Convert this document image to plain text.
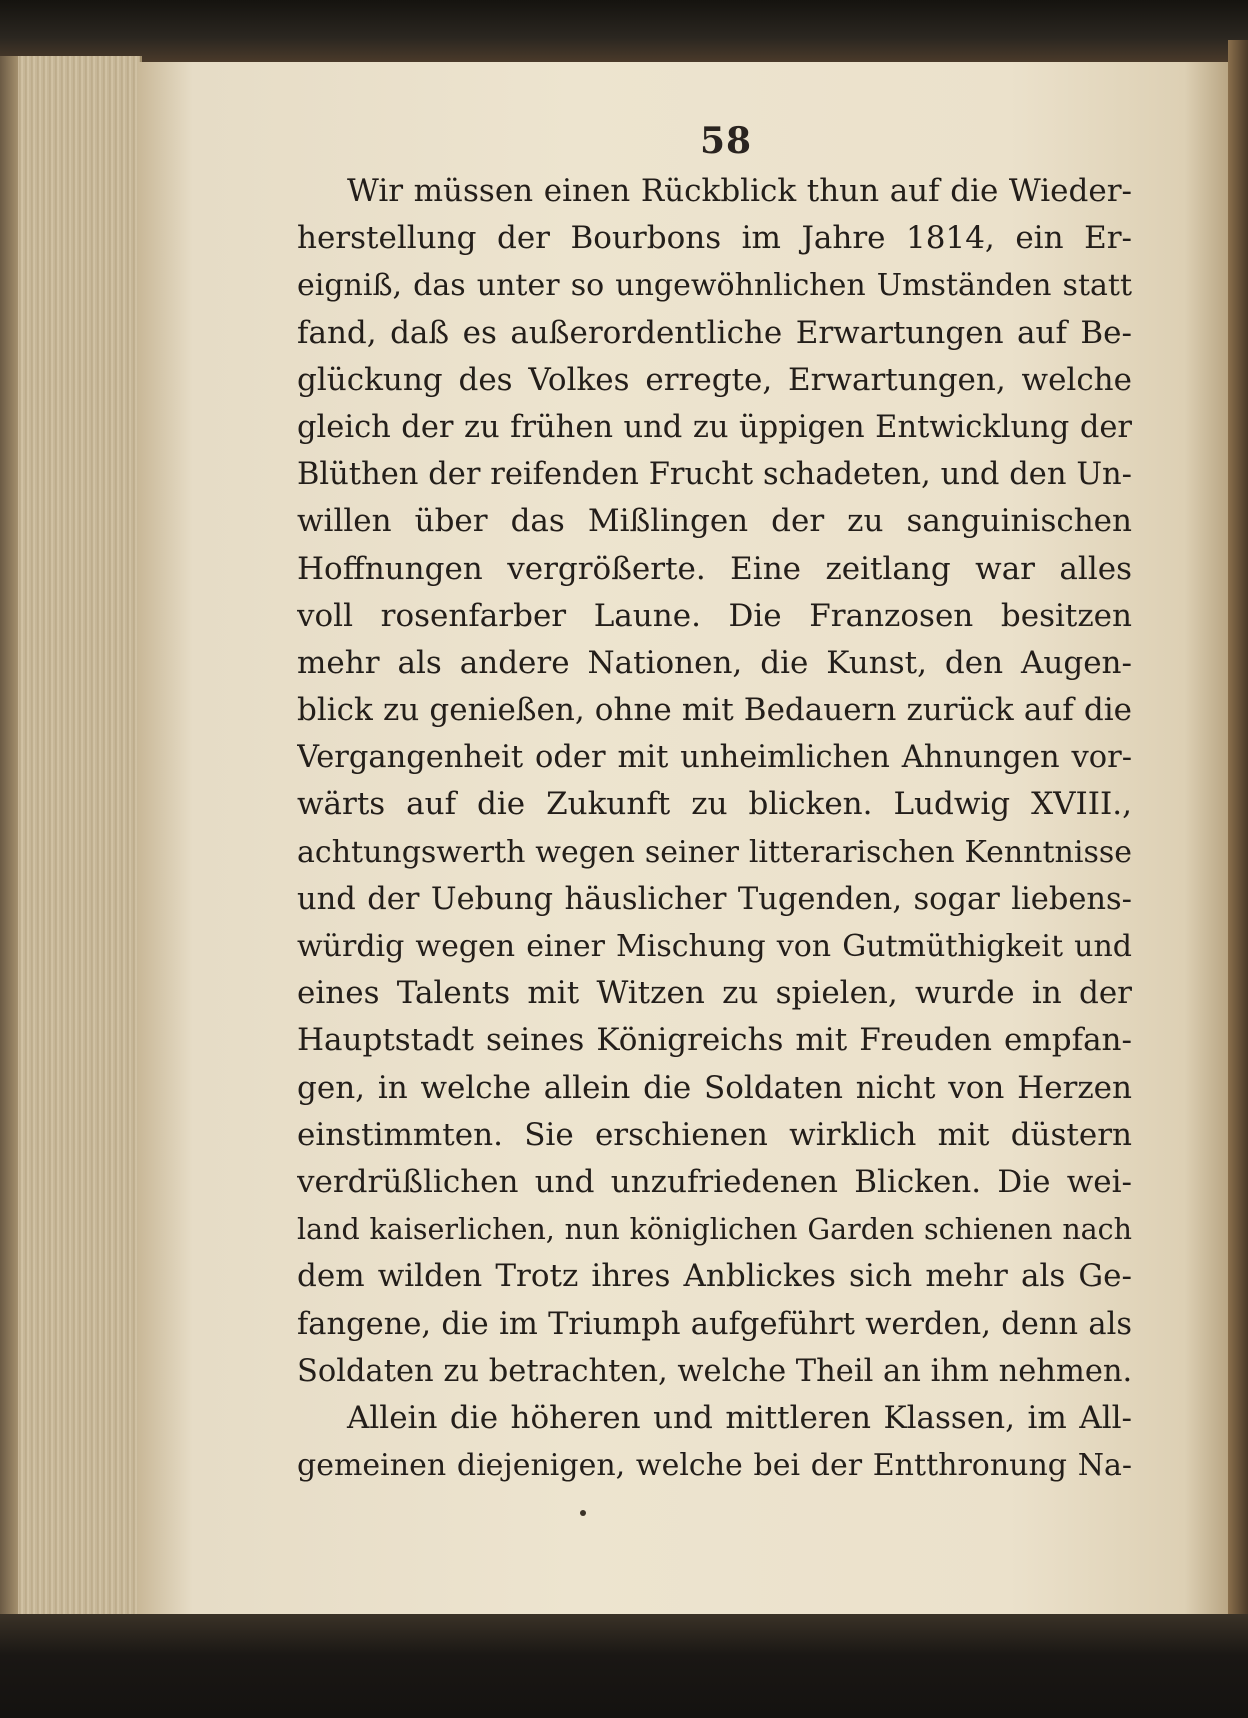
58
Wir müssen einen Rückblick thun auf die Wieder-
herstellung der Bourbons im Jahre 1814, ein Er-
eigniß, das unter so ungewöhnlichen Umständen statt
fand, daß es außerordentliche Erwartungen auf Be-
glückung des Volkes erregte, Erwartungen, welche
gleich der zu frühen und zu üppigen Entwicklung der
Blüthen der reifenden Frucht schadeten, und den Un-
willen über das Mißlingen der zu sanguinischen
Hoffnungen vergrößerte. Eine zeitlang war alles
voll rosenfarber Laune. Die Franzosen besitzen
mehr als andere Nationen, die Kunst, den Augen-
blick zu genießen, ohne mit Bedauern zurück auf die
Vergangenheit oder mit unheimlichen Ahnungen vor-
wärts auf die Zukunft zu blicken. Ludwig XVIII.,
achtungswerth wegen seiner litterarischen Kenntnisse
und der Uebung häuslicher Tugenden, sogar liebens-
würdig wegen einer Mischung von Gutmüthigkeit und
eines Talents mit Witzen zu spielen, wurde in der
Hauptstadt seines Königreichs mit Freuden empfan-
gen, in welche allein die Soldaten nicht von Herzen
einstimmten. Sie erschienen wirklich mit düstern
verdrüßlichen und unzufriedenen Blicken. Die wei-
land kaiserlichen, nun königlichen Garden schienen nach
dem wilden Trotz ihres Anblickes sich mehr als Ge-
fangene, die im Triumph aufgeführt werden, denn als
Soldaten zu betrachten, welche Theil an ihm nehmen.
Allein die höheren und mittleren Klassen, im All-
gemeinen diejenigen, welche bei der Entthronung Na-
